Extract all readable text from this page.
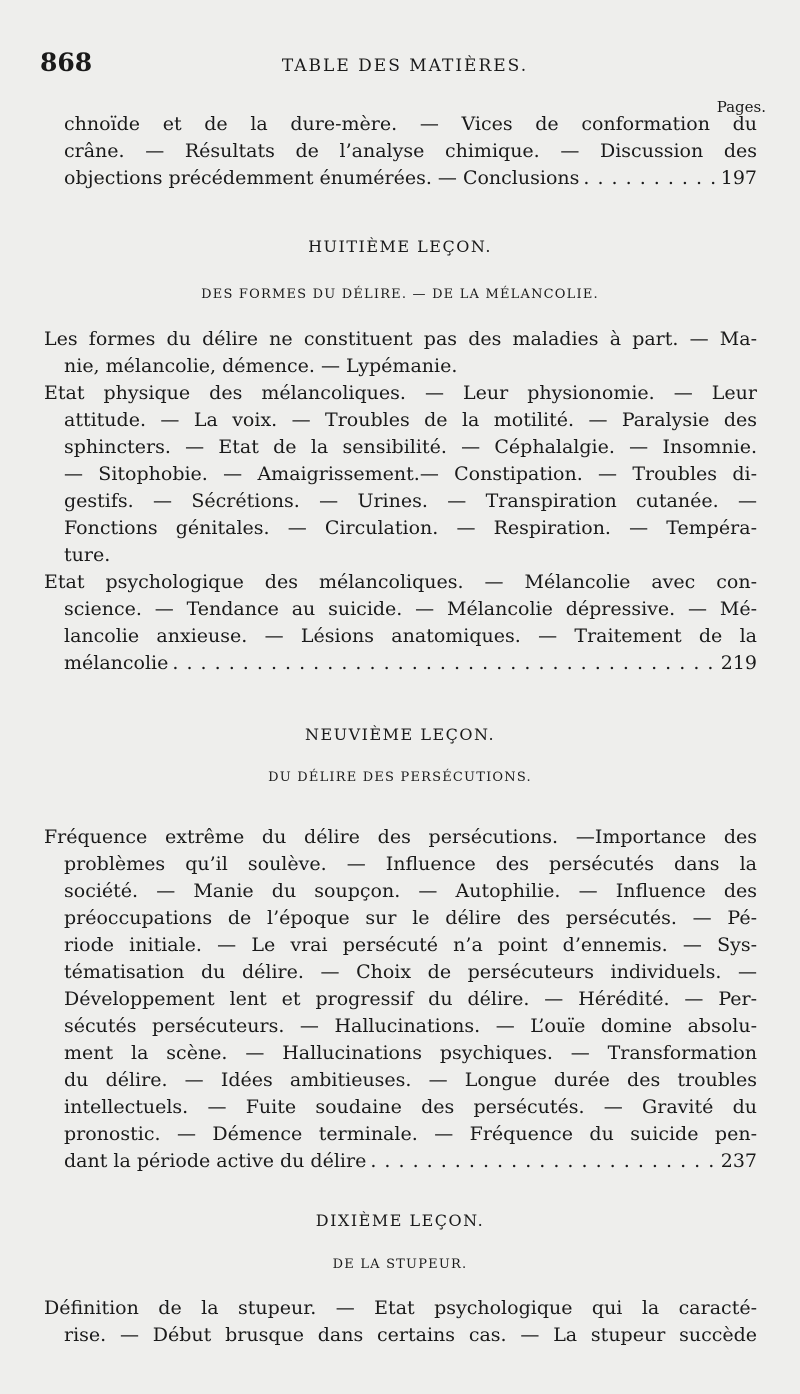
868	TABLE DES MATIÈRES.
Pages.
chnoïde et de la dure-mère. — Vices de conformation du
crâne. — Résultats de l’analyse chimique. — Discussion des
objections précédemment énumérées. — Conclusions . . .	197
HUITIÈME LEÇON.
DES FORMES DU DÉLIRE. — DE LA MÉLANCOLIE.
Les formes du délire ne constituent pas des maladies à part. — Ma-
nie, mélancolie, démence. — Lypémanie.
Etat physique des mélancoliques. — Leur physionomie. — Leur
attitude. — La voix. — Troubles de la motilité. — Paralysie des
sphincters. — Etat de la sensibilité. — Céphalalgie. — Insomnie.
— Sitophobie. — Amaigrissement.— Constipation. — Troubles di-
gestifs. — Sécrétions. — Urines. — Transpiration cutanée. —
Fonctions génitales. — Circulation. — Respiration. — Tempéra-
ture.
Etat psychologique des mélancoliques. — Mélancolie avec con-
science. — Tendance au suicide. — Mélancolie dépressive. — Mé-
lancolie anxieuse. — Lésions anatomiques. — Traitement de la
mélancolie . . .	219
NEUVIÈME LEÇON.
DU DÉLIRE DES PERSÉCUTIONS.
Fréquence extrême du délire des persécutions. —Importance des
problèmes qu’il soulève. — Influence des persécutés dans la
société. — Manie du soupçon. — Autophilie. — Influence des
préoccupations de l’époque sur le délire des persécutés. — Pé-
riode initiale. — Le vrai persécuté n’a point d’ennemis. — Sys-
tématisation du délire. — Choix de persécuteurs individuels. —
Développement lent et progressif du délire. — Hérédité. — Per-
sécutés persécuteurs. — Hallucinations. — L’ouïe domine absolu-
ment la scène. — Hallucinations psychiques. — Transformation
du délire. — Idées ambitieuses. — Longue durée des troubles
intellectuels. — Fuite soudaine des persécutés. — Gravité du
pronostic. — Démence terminale. — Fréquence du suicide pen-
dant la période active du délire . . .	237
DIXIÈME LEÇON.
DE LA STUPEUR.
Définition de la stupeur. — Etat psychologique qui la caracté-
rise. — Début brusque dans certains cas. — La stupeur succède
